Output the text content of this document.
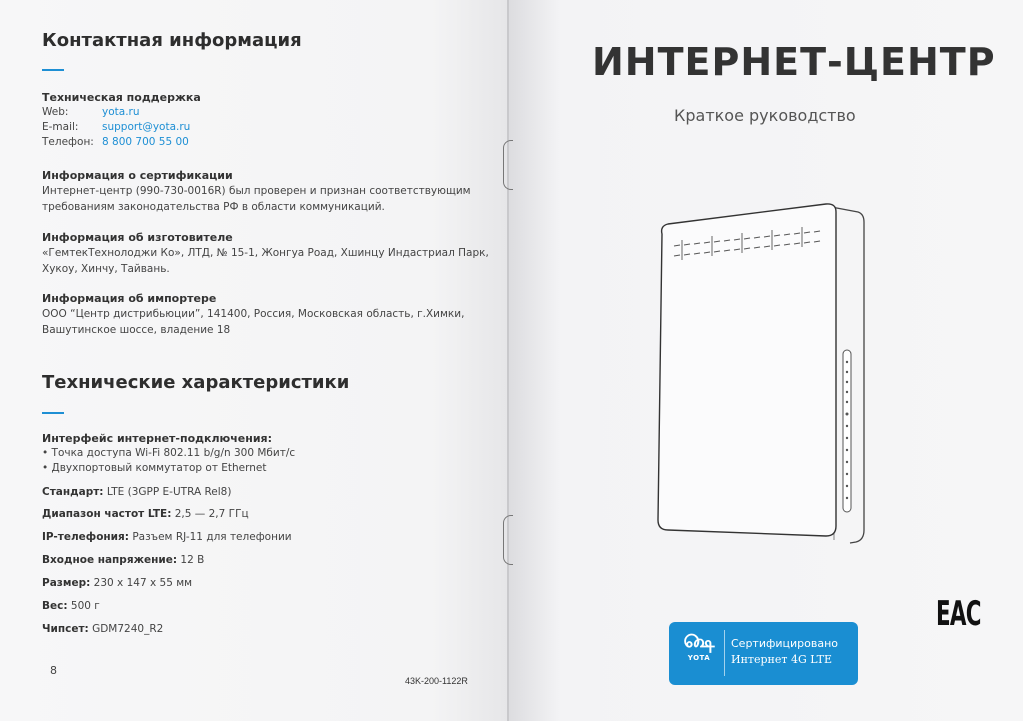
Контактная информация
Техническая поддержка
Web:	yota.ru
E-mail: support@yota.ru
Телефон: 8 800 700 55 00
Информация о сертификации
Интернет-центр (990-730-0016R) был проверен и признан соответствующим
требованиям законодательства РФ в области коммуникаций.
Информация об изготовителе
«ГемтекТехнолоджи Ко», ЛТД, № 15-1, Жонгуа Роад, Хшинцу Индастриал Парк,
Хукоу, Хинчу, Тайвань.
Информация об импортере
ООО “Центр дистрибьюции”, 141400, Россия, Московская область, г.Химки,
Вашутинское шоссе, владение 18
Технические характеристики
Интерфейс интернет-подключения:
• Точка доступа Wi-Fi 802.11 b/g/n 300 Мбит/с
• Двухпортовый коммутатор от Ethernet
Стандарт: LTE (3GPP E-UTRA Rel8)
Диапазон частот LTE: 2,5 — 2,7 ГГц
IP-телефония: Разъем RJ-11 для телефонии
Входное напряжение: 12 В
Размер: 230 х 147 х 55 мм
Вес: 500 г
Чипсет: GDM7240_R2
8
43K-200-1122R
ИНТЕРНЕТ-ЦЕНТР
Краткое руководство
EAC
௸
YOTA
Сертифицировано
Интернет 4G LTE
